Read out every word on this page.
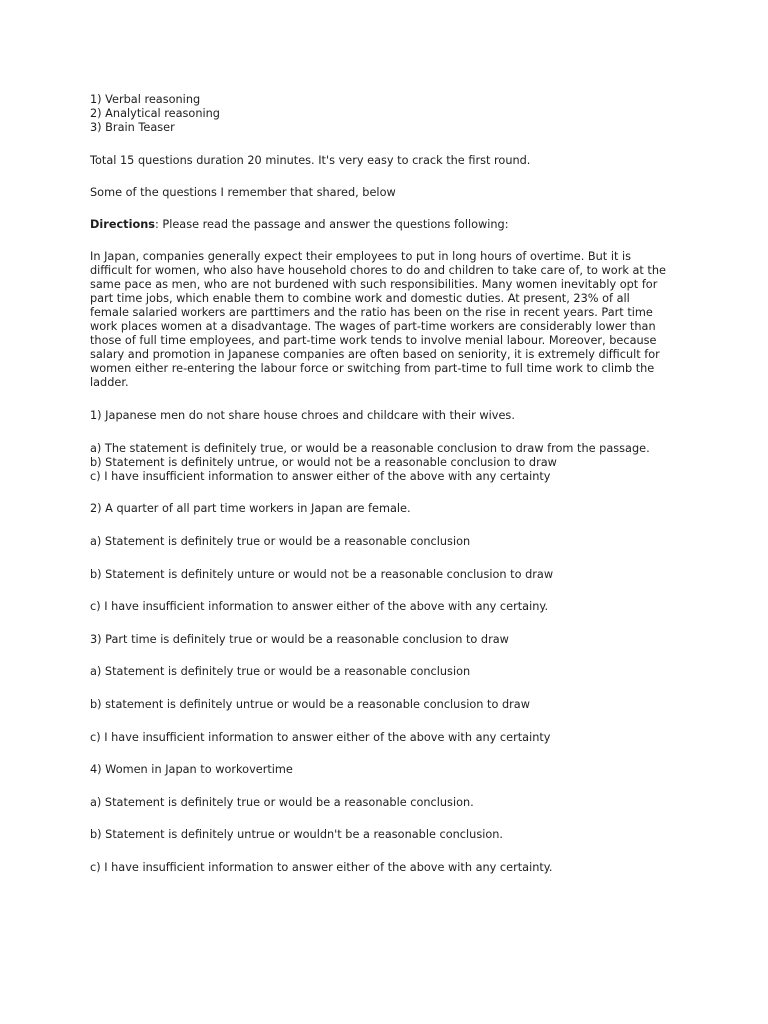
1) Verbal reasoning
2) Analytical reasoning
3) Brain Teaser
Total 15 questions duration 20 minutes. It's very easy to crack the first round.
Some of the questions I remember that shared, below
Directions: Please read the passage and answer the questions following:
In Japan, companies generally expect their employees to put in long hours of overtime. But it is
difficult for women, who also have household chores to do and children to take care of, to work at the
same pace as men, who are not burdened with such responsibilities. Many women inevitably opt for
part time jobs, which enable them to combine work and domestic duties. At present, 23% of all
female salaried workers are parttimers and the ratio has been on the rise in recent years. Part time
work places women at a disadvantage. The wages of part-time workers are considerably lower than
those of full time employees, and part-time work tends to involve menial labour. Moreover, because
salary and promotion in Japanese companies are often based on seniority, it is extremely difficult for
women either re-entering the labour force or switching from part-time to full time work to climb the
ladder.
1) Japanese men do not share house chroes and childcare with their wives.
a) The statement is definitely true, or would be a reasonable conclusion to draw from the passage.
b) Statement is definitely untrue, or would not be a reasonable conclusion to draw
c) I have insufficient information to answer either of the above with any certainty
2) A quarter of all part time workers in Japan are female.
a) Statement is definitely true or would be a reasonable conclusion
b) Statement is definitely unture or would not be a reasonable conclusion to draw
c) I have insufficient information to answer either of the above with any certainy.
3) Part time is definitely true or would be a reasonable conclusion to draw
a) Statement is definitely true or would be a reasonable conclusion
b) statement is definitely untrue or would be a reasonable conclusion to draw
c) I have insufficient information to answer either of the above with any certainty
4) Women in Japan to workovertime
a) Statement is definitely true or would be a reasonable conclusion.
b) Statement is definitely untrue or wouldn't be a reasonable conclusion.
c) I have insufficient information to answer either of the above with any certainty.
